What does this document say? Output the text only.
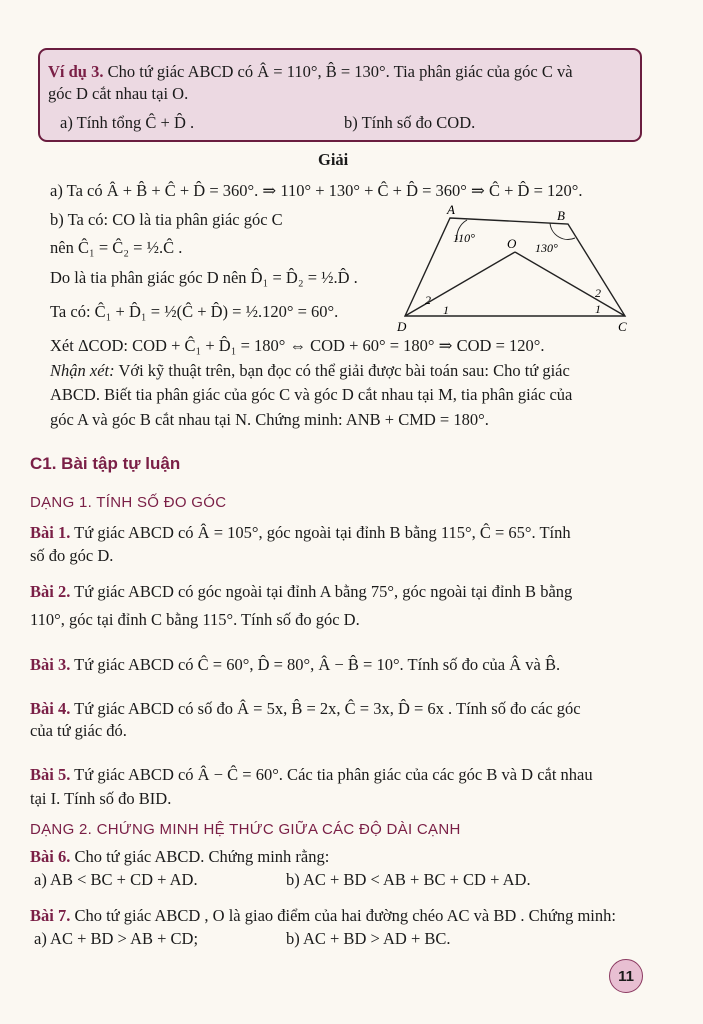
Ví dụ 3. Cho tứ giác ABCD có Â = 110°, B̂ = 130°. Tia phân giác của góc C và
góc D cắt nhau tại O.
a) Tính tổng Ĉ + D̂ .	b) Tính số đo COD.
Giải
a) Ta có Â + B̂ + Ĉ + D̂ = 360°. ⇒ 110° + 130° + Ĉ + D̂ = 360° ⇒ Ĉ + D̂ = 120°.
b) Ta có: CO là tia phân giác góc C
nên Ĉ₁ = Ĉ₂ = ½.Ĉ .
Do là tia phân giác góc D nên D̂₁ = D̂₂ = ½.D̂ .
Ta có: Ĉ₁ + D̂₁ = ½(Ĉ + D̂) = ½.120° = 60°.
Xét ΔCOD: COD + Ĉ₁ + D̂₁ = 180° ⇔ COD + 60° = 180° ⇒ COD = 120°.
Nhận xét: Với kỹ thuật trên, bạn đọc có thể giải được bài toán sau: Cho tứ giác
ABCD. Biết tia phân giác của góc C và góc D cắt nhau tại M, tia phân giác của
góc A và góc B cắt nhau tại N. Chứng minh: ANB + CMD = 180°.
A	B
O
D	C
110°
130°
2
1
2
1
C1. Bài tập tự luận
DẠNG 1. TÍNH SỐ ĐO GÓC
Bài 1. Tứ giác ABCD có Â = 105°, góc ngoài tại đỉnh B bằng 115°, Ĉ = 65°. Tính
số đo góc D.
Bài 2. Tứ giác ABCD có góc ngoài tại đỉnh A bằng 75°, góc ngoài tại đỉnh B bằng
110°, góc tại đỉnh C bằng 115°. Tính số đo góc D.
Bài 3. Tứ giác ABCD có Ĉ = 60°, D̂ = 80°, Â − B̂ = 10°. Tính số đo của Â và B̂.
Bài 4. Tứ giác ABCD có số đo Â = 5x, B̂ = 2x, Ĉ = 3x, D̂ = 6x . Tính số đo các góc
của tứ giác đó.
Bài 5. Tứ giác ABCD có Â − Ĉ = 60°. Các tia phân giác của các góc B và D cắt nhau
tại I. Tính số đo BID.
DẠNG 2. CHỨNG MINH HỆ THỨC GIỮA CÁC ĐỘ DÀI CẠNH
Bài 6. Cho tứ giác ABCD. Chứng minh rằng:
a) AB < BC + CD + AD.	b) AC + BD < AB + BC + CD + AD.
Bài 7. Cho tứ giác ABCD , O là giao điểm của hai đường chéo AC và BD . Chứng minh:
a) AC + BD > AB + CD;	b) AC + BD > AD + BC.
11
